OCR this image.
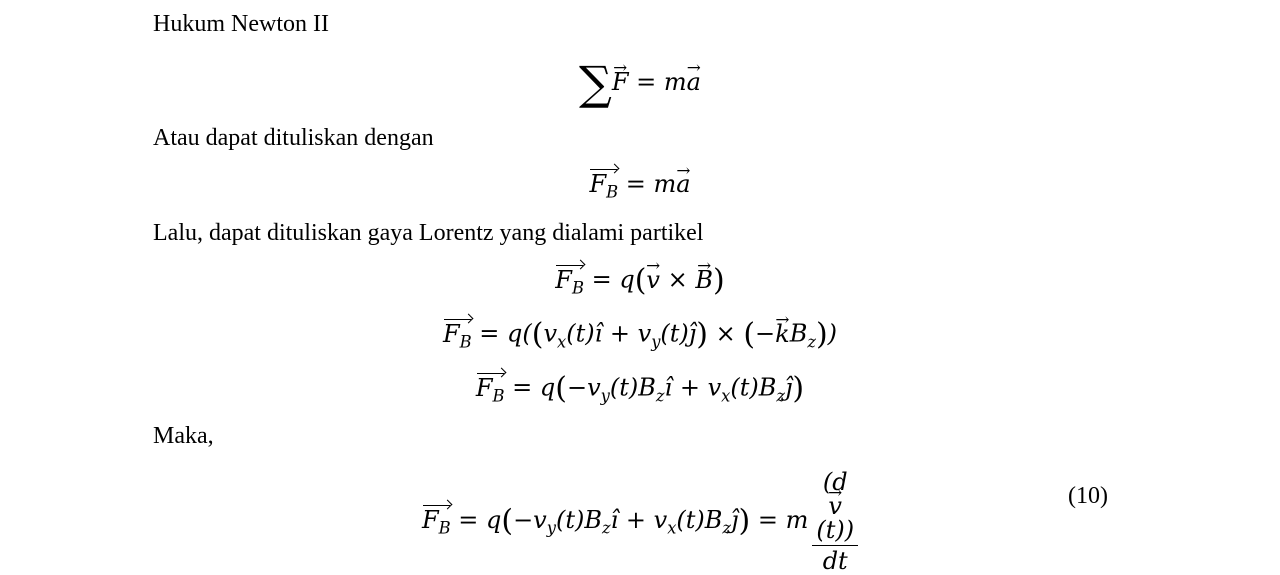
Hukum Newton II
∑→ F = m→ a
Atau dapat dituliskan dengan
$F_B = m\to a$
Lalu, dapat dituliskan gaya Lorentz yang dialami partikel
$F_B = q(\to v$ × → B)
$F_B$ = $q((v_x(t)î$ + $v_y(t)ĵ$) × (−→ $kB_z$))
$F_B$ = $q(-v_y(t)B_zî$ + $v_x(t)B_zĵ$)
Maka,
$F_B$ = $q(-v_y(t)B_zî$ + $v_x(t)B_zĵ) = m$ (d
→ v
(t))
dt	(10)
